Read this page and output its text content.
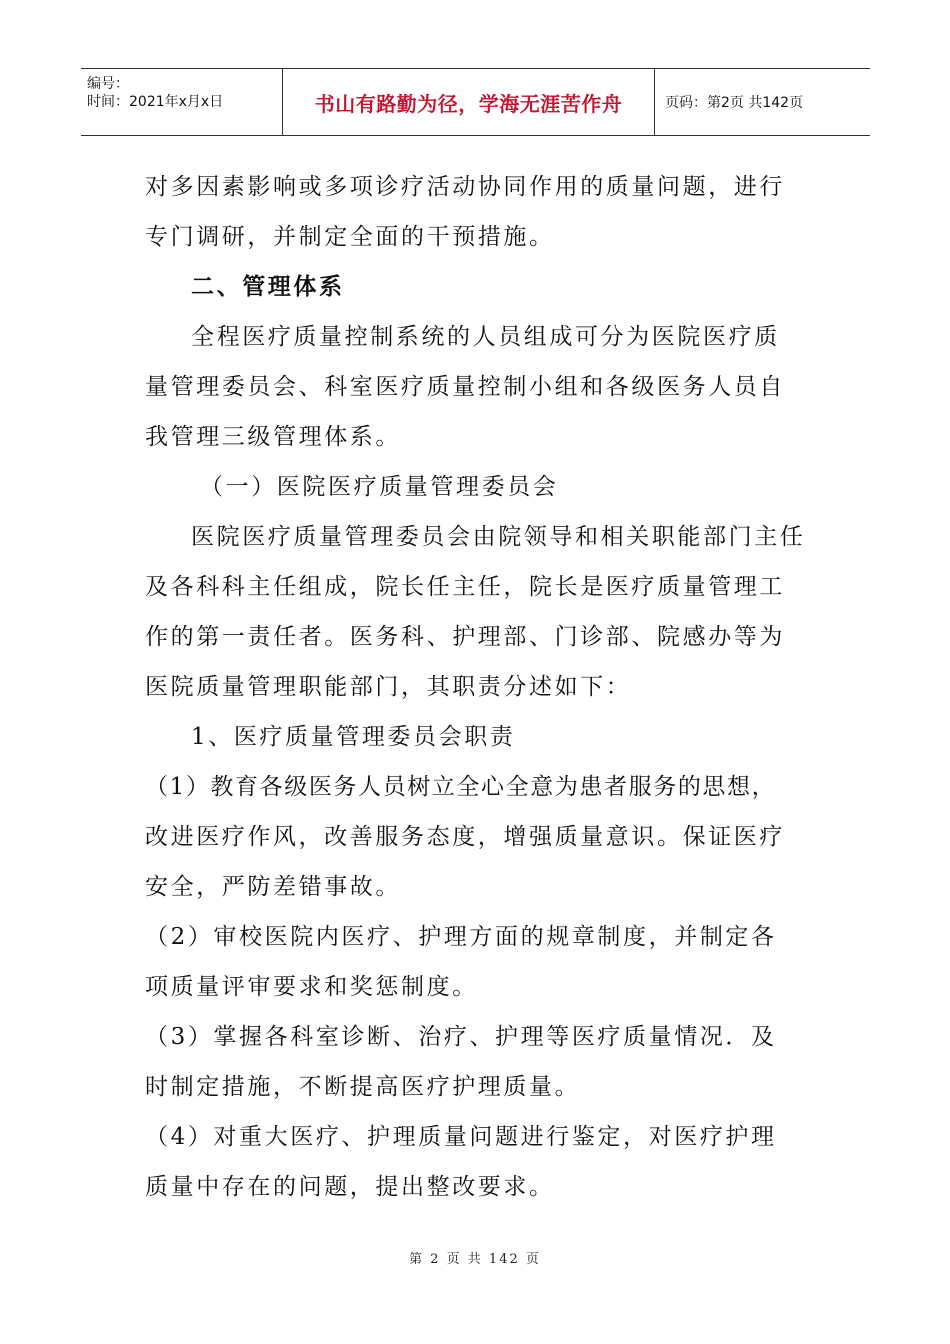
编号：
时间：2021年x月x日	书山有路勤为径，学海无涯苦作舟	页码：第2页 共142页

对多因素影响或多项诊疗活动协同作用的质量问题，进行

专门调研，并制定全面的干预措施。

二、管理体系

全程医疗质量控制系统的人员组成可分为医院医疗质

量管理委员会、科室医疗质量控制小组和各级医务人员自

我管理三级管理体系。

（一）医院医疗质量管理委员会

医院医疗质量管理委员会由院领导和相关职能部门主任

及各科科主任组成，院长任主任，院长是医疗质量管理工

作的第一责任者。医务科、护理部、门诊部、院感办等为

医院质量管理职能部门，其职责分述如下：

1、医疗质量管理委员会职责

（1）教育各级医务人员树立全心全意为患者服务的思想，

改进医疗作风，改善服务态度，增强质量意识。保证医疗

安全，严防差错事故。

（2）审校医院内医疗、护理方面的规章制度，并制定各

项质量评审要求和奖惩制度。

（3）掌握各科室诊断、治疗、护理等医疗质量情况．及

时制定措施，不断提高医疗护理质量。

（4）对重大医疗、护理质量问题进行鉴定，对医疗护理

质量中存在的问题，提出整改要求。

第 2 页 共 142 页
